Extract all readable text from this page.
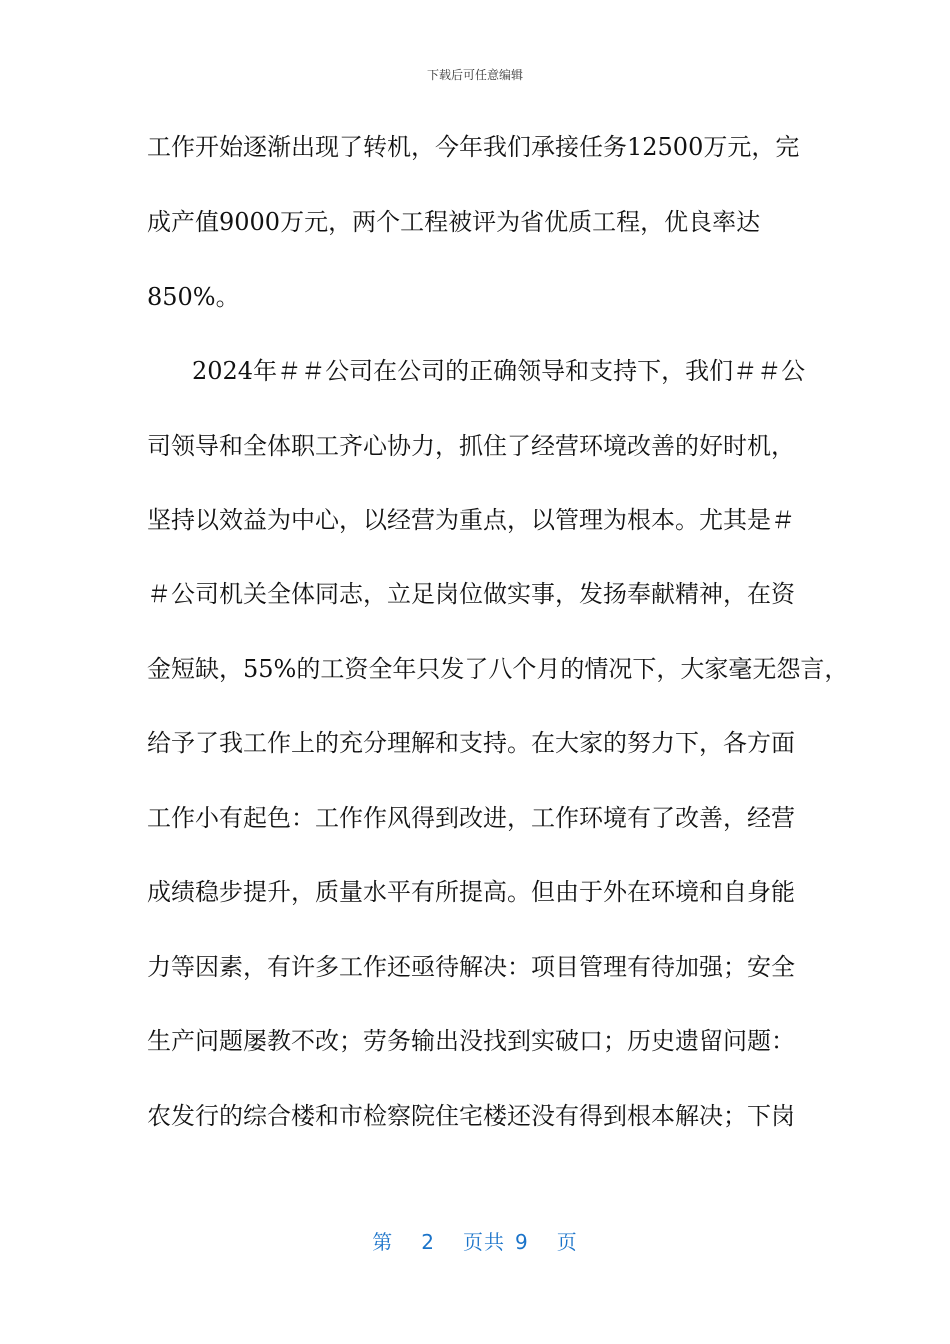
下载后可任意编辑
工作开始逐渐出现了转机，今年我们承接任务12500万元，完
成产值9000万元，两个工程被评为省优质工程，优良率达
850%。
2024年＃＃公司在公司的正确领导和支持下，我们＃＃公
司领导和全体职工齐心协力，抓住了经营环境改善的好时机，
坚持以效益为中心，以经营为重点，以管理为根本。尤其是＃
＃公司机关全体同志，立足岗位做实事，发扬奉献精神，在资
金短缺，55%的工资全年只发了八个月的情况下，大家毫无怨言，
给予了我工作上的充分理解和支持。在大家的努力下，各方面
工作小有起色：工作作风得到改进，工作环境有了改善，经营
成绩稳步提升，质量水平有所提高。但由于外在环境和自身能
力等因素，有许多工作还亟待解决：项目管理有待加强；安全
生产问题屡教不改；劳务输出没找到实破口；历史遗留问题：
农发行的综合楼和市检察院住宅楼还没有得到根本解决；下岗
第 2 页共 9 页
